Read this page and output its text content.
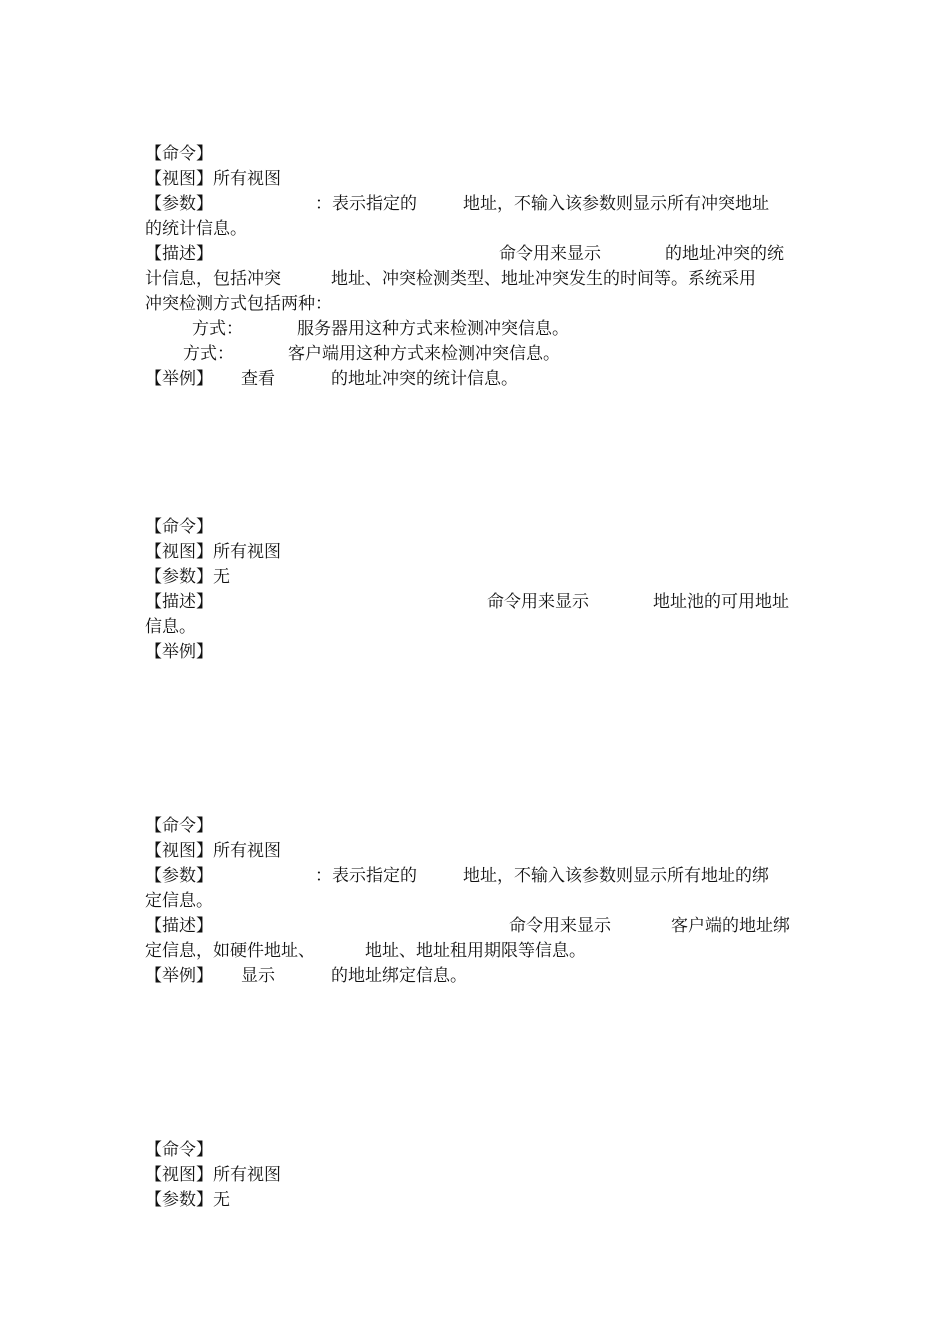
【命令】
【视图】所有视图
【参数】	：表示指定的	地址，不输入该参数则显示所有冲突地址
的统计信息。
【描述】	命令用来显示	的地址冲突的统
计信息，包括冲突	地址、冲突检测类型、地址冲突发生的时间等。系统采用
冲突检测方式包括两种：
方式：	服务器用这种方式来检测冲突信息。
方式：	客户端用这种方式来检测冲突信息。
【举例】 查看	的地址冲突的统计信息。
【命令】
【视图】所有视图
【参数】无
【描述】	命令用来显示	地址池的可用地址
信息。
【举例】
【命令】
【视图】所有视图
【参数】	：表示指定的	地址，不输入该参数则显示所有地址的绑
定信息。
【描述】	命令用来显示	客户端的地址绑
定信息，如硬件地址、	地址、地址租用期限等信息。
【举例】 显示	的地址绑定信息。
【命令】
【视图】所有视图
【参数】无
